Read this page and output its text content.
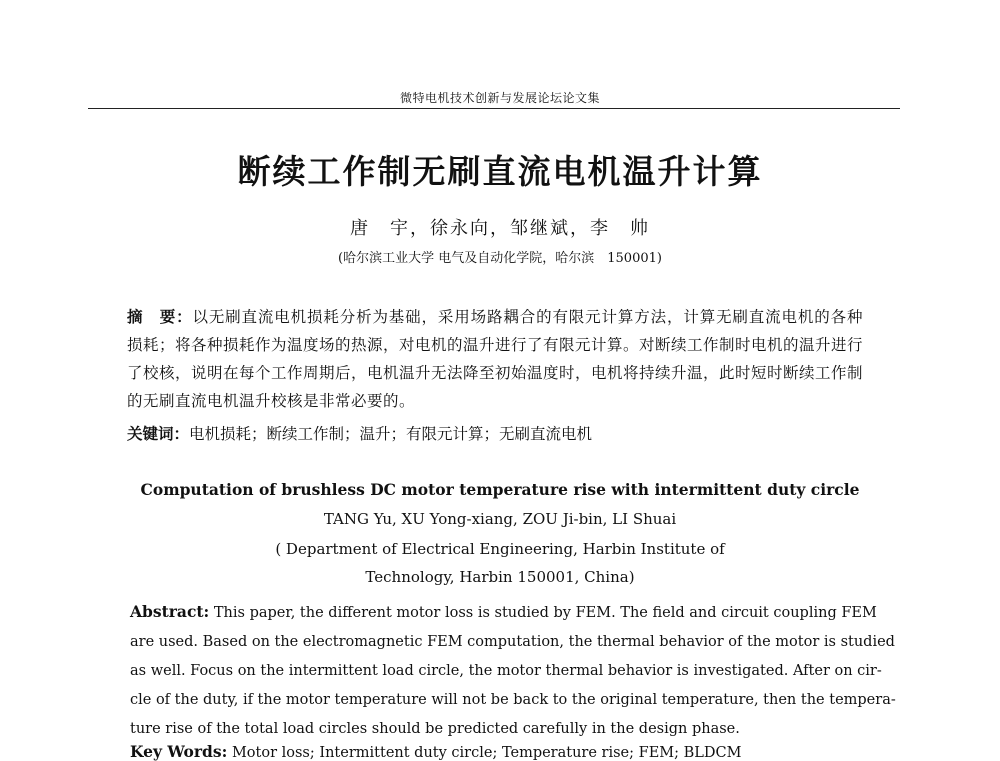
微特电机技术创新与发展论坛论文集
断续工作制无刷直流电机温升计算
唐　宇，徐永向，邹继斌，李　帅
(哈尔滨工业大学 电气及自动化学院，哈尔滨　150001)
摘　要：以无刷直流电机损耗分析为基础，采用场路耦合的有限元计算方法，计算无刷直流电机的各种损耗；将各种损耗作为温度场的热源，对电机的温升进行了有限元计算。对断续工作制时电机的温升进行了校核，说明在每个工作周期后，电机温升无法降至初始温度时，电机将持续升温，此时短时断续工作制的无刷直流电机温升校核是非常必要的。
关键词：电机损耗；断续工作制；温升；有限元计算；无刷直流电机
Computation of brushless DC motor temperature rise with intermittent duty circle
TANG Yu, XU Yong-xiang, ZOU Ji-bin, LI Shuai
( Department of Electrical Engineering, Harbin Institute of
Technology, Harbin 150001, China)
Abstract: This paper, the different motor loss is studied by FEM. The field and circuit coupling FEM
are used. Based on the electromagnetic FEM computation, the thermal behavior of the motor is studied
as well. Focus on the intermittent load circle, the motor thermal behavior is investigated. After on cir-
cle of the duty, if the motor temperature will not be back to the original temperature, then the tempera-
ture rise of the total load circles should be predicted carefully in the design phase.
Key Words: Motor loss; Intermittent duty circle; Temperature rise; FEM; BLDCM
